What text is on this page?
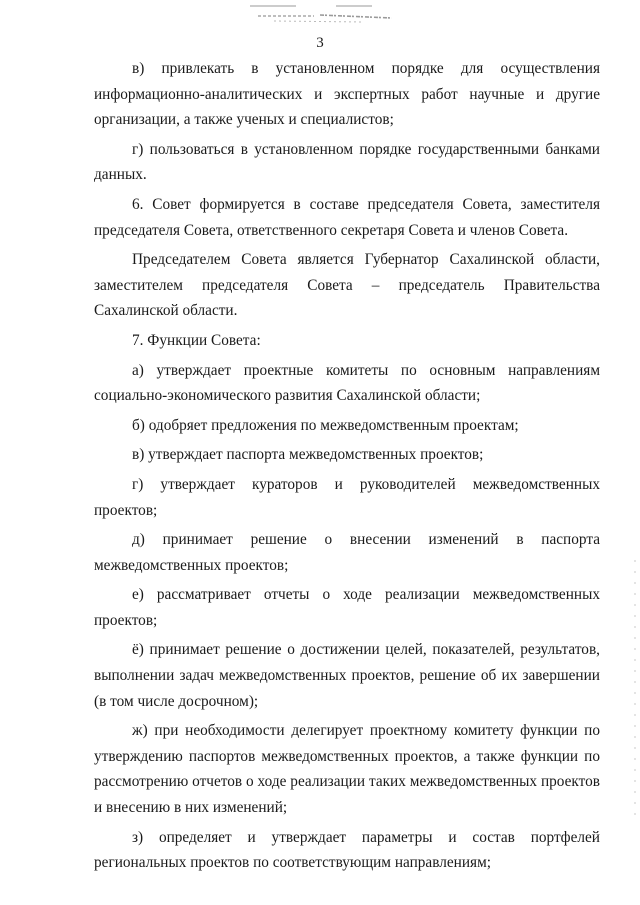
3

в) привлекать в установленном порядке для осуществления информационно-аналитических и экспертных работ научные и другие организации, а также ученых и специалистов;

г) пользоваться в установленном порядке государственными банками данных.

6. Совет формируется в составе председателя Совета, заместителя председателя Совета, ответственного секретаря Совета и членов Совета.

Председателем Совета является Губернатор Сахалинской области, заместителем председателя Совета – председатель Правительства Сахалинской области.

7. Функции Совета:

а) утверждает проектные комитеты по основным направлениям социально-экономического развития Сахалинской области;

б) одобряет предложения по межведомственным проектам;

в) утверждает паспорта межведомственных проектов;

г) утверждает кураторов и руководителей межведомственных проектов;

д) принимает решение о внесении изменений в паспорта межведомственных проектов;

е) рассматривает отчеты о ходе реализации межведомственных проектов;

ё) принимает решение о достижении целей, показателей, результатов, выполнении задач межведомственных проектов, решение об их завершении (в том числе досрочном);

ж) при необходимости делегирует проектному комитету функции по утверждению паспортов межведомственных проектов, а также функции по рассмотрению отчетов о ходе реализации таких межведомственных проектов и внесению в них изменений;

з) определяет и утверждает параметры и состав портфелей региональных проектов по соответствующим направлениям;
